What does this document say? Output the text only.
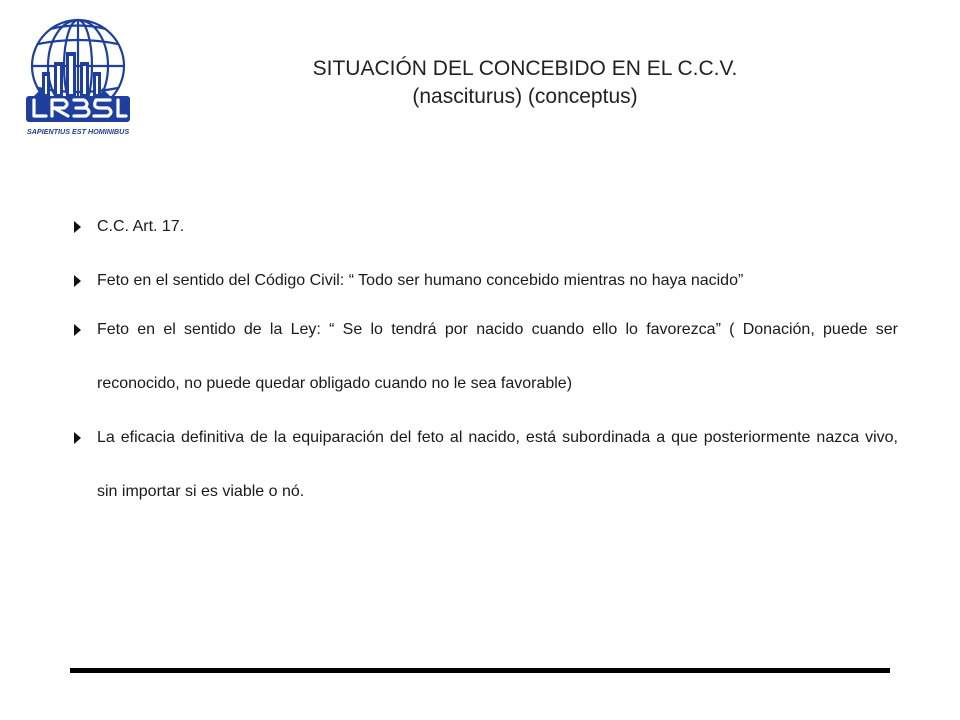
SAPIENTIUS EST HOMINIBUS
SITUACIÓN DEL CONCEBIDO EN EL C.C.V.
(nasciturus) (conceptus)
C.C. Art. 17.
Feto en el sentido del Código Civil: “ Todo ser humano concebido mientras no haya nacido”
Feto en el sentido de la Ley: “ Se lo tendrá por nacido cuando ello lo favorezca” ( Donación, puede ser reconocido, no puede quedar obligado cuando no le sea favorable)
La eficacia definitiva de la equiparación del feto al nacido, está subordinada a que posteriormente nazca vivo, sin importar si es viable o nó.
